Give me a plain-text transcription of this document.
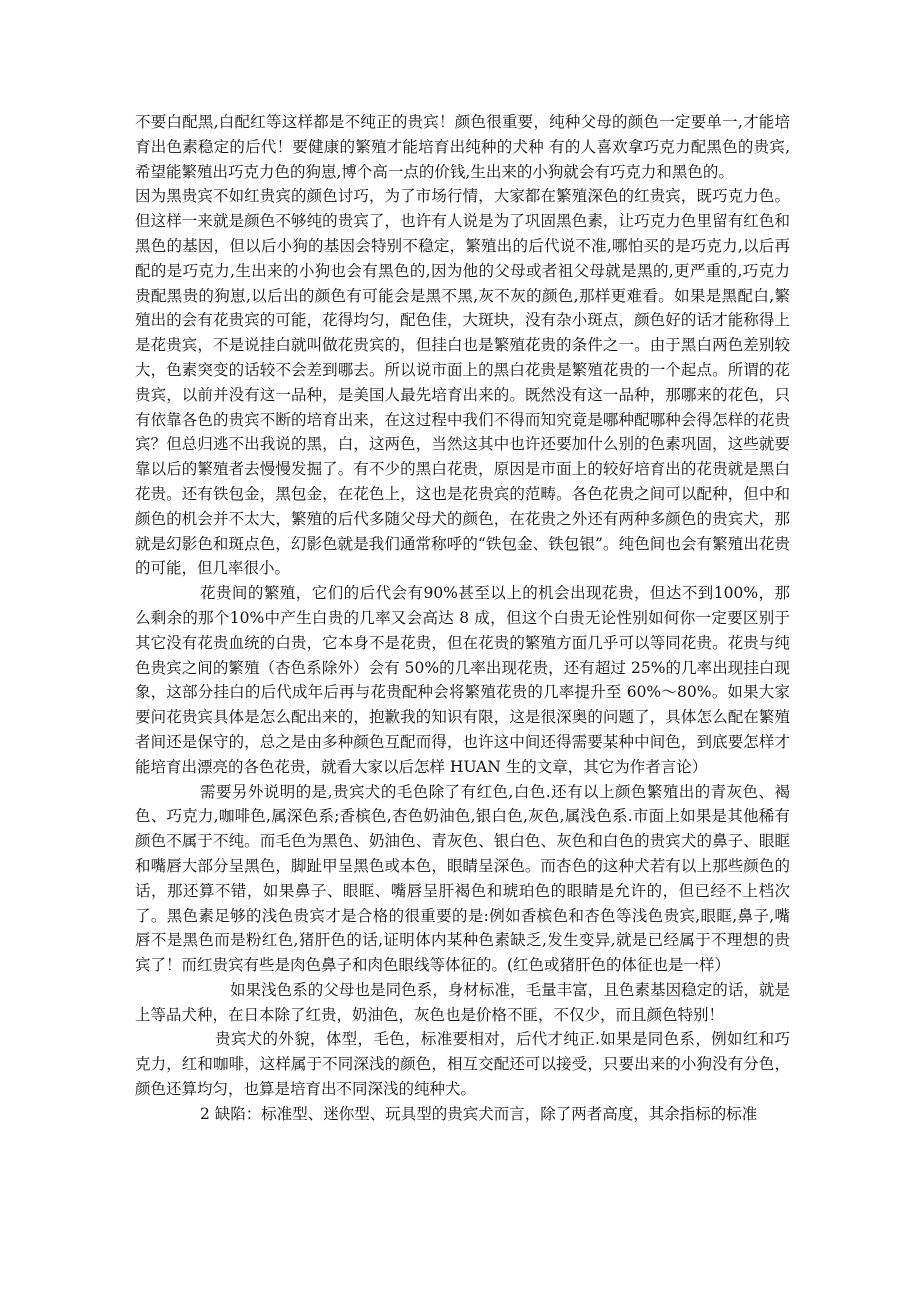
不要白配黑,白配红等这样都是不纯正的贵宾！颜色很重要，纯种父母的颜色一定要单一,才能培育出色素稳定的后代！要健康的繁殖才能培育出纯种的犬种 有的人喜欢拿巧克力配黑色的贵宾,希望能繁殖出巧克力色的狗崽,博个高一点的价钱,生出来的小狗就会有巧克力和黑色的。

因为黑贵宾不如红贵宾的颜色讨巧，为了市场行情，大家都在繁殖深色的红贵宾，既巧克力色。但这样一来就是颜色不够纯的贵宾了，也许有人说是为了巩固黑色素，让巧克力色里留有红色和黑色的基因，但以后小狗的基因会特别不稳定，繁殖出的后代说不准,哪怕买的是巧克力,以后再配的是巧克力,生出来的小狗也会有黑色的,因为他的父母或者祖父母就是黑的,更严重的,巧克力贵配黑贵的狗崽,以后出的颜色有可能会是黑不黑,灰不灰的颜色,那样更难看。如果是黑配白,繁殖出的会有花贵宾的可能，花得均匀，配色佳，大斑块，没有杂小斑点，颜色好的话才能称得上是花贵宾，不是说挂白就叫做花贵宾的，但挂白也是繁殖花贵的条件之一。由于黑白两色差别较大，色素突变的话较不会差到哪去。所以说市面上的黑白花贵是繁殖花贵的一个起点。所谓的花贵宾，以前并没有这一品种，是美国人最先培育出来的。既然没有这一品种，那哪来的花色，只有依靠各色的贵宾不断的培育出来，在这过程中我们不得而知究竟是哪种配哪种会得怎样的花贵宾？但总归逃不出我说的黑，白，这两色，当然这其中也许还要加什么别的色素巩固，这些就要靠以后的繁殖者去慢慢发掘了。有不少的黑白花贵，原因是市面上的较好培育出的花贵就是黑白花贵。还有铁包金，黑包金，在花色上，这也是花贵宾的范畴。各色花贵之间可以配种，但中和颜色的机会并不太大，繁殖的后代多随父母犬的颜色，在花贵之外还有两种多颜色的贵宾犬，那就是幻影色和斑点色，幻影色就是我们通常称呼的“铁包金、铁包银”。纯色间也会有繁殖出花贵的可能，但几率很小。

花贵间的繁殖，它们的后代会有90%甚至以上的机会出现花贵，但达不到100%，那么剩余的那个10%中产生白贵的几率又会高达 8 成，但这个白贵无论性别如何你一定要区别于其它没有花贵血统的白贵，它本身不是花贵，但在花贵的繁殖方面几乎可以等同花贵。花贵与纯色贵宾之间的繁殖（杏色系除外）会有 50%的几率出现花贵，还有超过 25%的几率出现挂白现象，这部分挂白的后代成年后再与花贵配种会将繁殖花贵的几率提升至 60%～80%。如果大家要问花贵宾具体是怎么配出来的，抱歉我的知识有限，这是很深奥的问题了，具体怎么配在繁殖者间还是保守的，总之是由多种颜色互配而得，也许这中间还得需要某种中间色，到底要怎样才能培育出漂亮的各色花贵，就看大家以后怎样 HUAN 生的文章，其它为作者言论）

需要另外说明的是,贵宾犬的毛色除了有红色,白色.还有以上颜色繁殖出的青灰色、褐色、巧克力,咖啡色,属深色系;香槟色,杏色奶油色,银白色,灰色,属浅色系.市面上如果是其他稀有颜色不属于不纯。而毛色为黑色、奶油色、青灰色、银白色、灰色和白色的贵宾犬的鼻子、眼眶和嘴唇大部分呈黑色，脚趾甲呈黑色或本色，眼睛呈深色。而杏色的这种犬若有以上那些颜色的话，那还算不错，如果鼻子、眼眶、嘴唇呈肝褐色和琥珀色的眼睛是允许的，但已经不上档次了。黑色素足够的浅色贵宾才是合格的很重要的是:例如香槟色和杏色等浅色贵宾,眼眶,鼻子,嘴唇不是黑色而是粉红色,猪肝色的话,证明体内某种色素缺乏,发生变异,就是已经属于不理想的贵宾了！而红贵宾有些是肉色鼻子和肉色眼线等体征的。(红色或猪肝色的体征也是一样）

如果浅色系的父母也是同色系，身材标准，毛量丰富，且色素基因稳定的话，就是上等品犬种，在日本除了红贵，奶油色，灰色也是价格不匪，不仅少，而且颜色特别！

贵宾犬的外貌，体型，毛色，标准要相对，后代才纯正.如果是同色系，例如红和巧克力，红和咖啡，这样属于不同深浅的颜色，相互交配还可以接受，只要出来的小狗没有分色，颜色还算均匀，也算是培育出不同深浅的纯种犬。

2 缺陷：标准型、迷你型、玩具型的贵宾犬而言，除了两者高度，其余指标的标准
